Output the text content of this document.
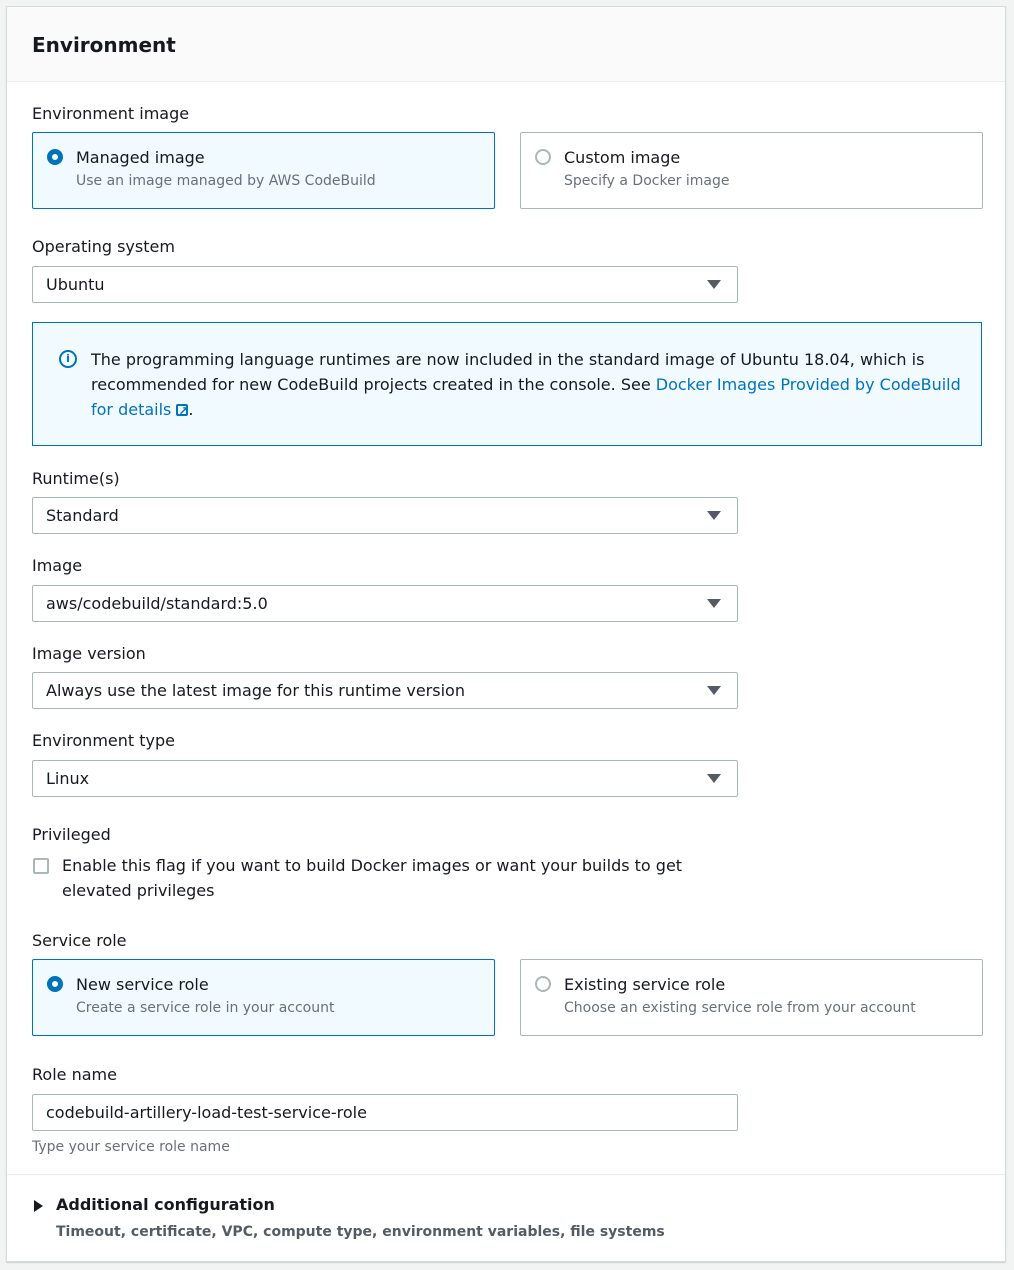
Environment
Environment image
Managed image
Use an image managed by AWS CodeBuild
Custom image
Specify a Docker image
Operating system
Ubuntu
i	The programming language runtimes are now included in the standard image of Ubuntu 18.04, which is recommended for new CodeBuild projects created in the console. See Docker Images Provided by CodeBuild for details↗ .
Runtime(s)
Standard
Image
aws/codebuild/standard:5.0
Image version
Always use the latest image for this runtime version
Environment type
Linux
Privileged
Enable this flag if you want to build Docker images or want your builds to get elevated privileges
Service role
New service role
Create a service role in your account
Existing service role
Choose an existing service role from your account
Role name
codebuild-artillery-load-test-service-role
Type your service role name
Additional configuration
Timeout, certificate, VPC, compute type, environment variables, file systems
